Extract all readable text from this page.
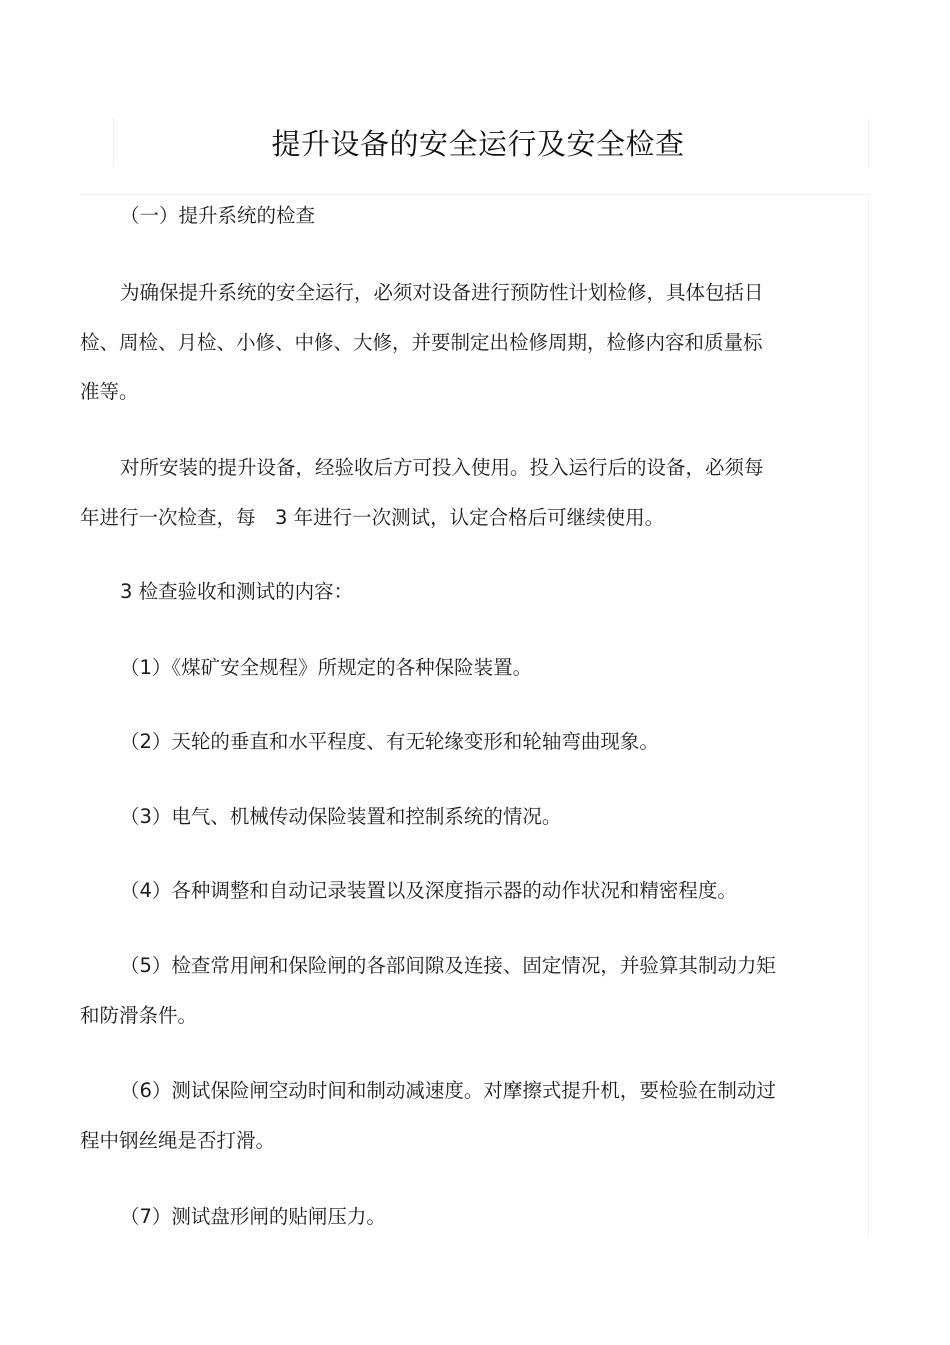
提升设备的安全运行及安全检查
（一）提升系统的检查
为确保提升系统的安全运行，必须对设备进行预防性计划检修，具体包括日
检、周检、月检、小修、中修、大修，并要制定出检修周期，检修内容和质量标
准等。
对所安装的提升设备，经验收后方可投入使用。投入运行后的设备，必须每
年进行一次检查，每　3 年进行一次测试，认定合格后可继续使用。
3 检查验收和测试的内容：
（1）《煤矿安全规程》所规定的各种保险装置。
（2）天轮的垂直和水平程度、有无轮缘变形和轮轴弯曲现象。
（3）电气、机械传动保险装置和控制系统的情况。
（4）各种调整和自动记录装置以及深度指示器的动作状况和精密程度。
（5）检查常用闸和保险闸的各部间隙及连接、固定情况，并验算其制动力矩
和防滑条件。
（6）测试保险闸空动时间和制动减速度。对摩擦式提升机，要检验在制动过
程中钢丝绳是否打滑。
（7）测试盘形闸的贴闸压力。
